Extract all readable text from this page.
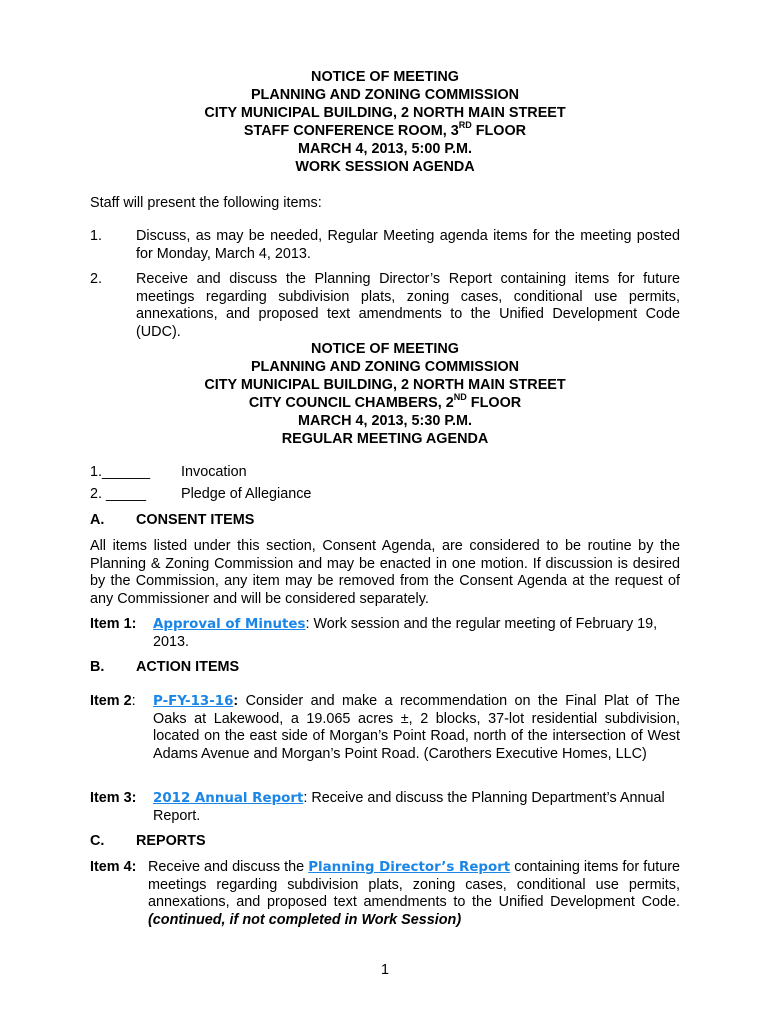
NOTICE OF MEETING
PLANNING AND ZONING COMMISSION
CITY MUNICIPAL BUILDING, 2 NORTH MAIN STREET
STAFF CONFERENCE ROOM, 3RD FLOOR
MARCH 4, 2013, 5:00 P.M.
WORK SESSION AGENDA
Staff will present the following items:
1. Discuss, as may be needed, Regular Meeting agenda items for the meeting posted for Monday, March 4, 2013.
2. Receive and discuss the Planning Director’s Report containing items for future meetings regarding subdivision plats, zoning cases, conditional use permits, annexations, and proposed text amendments to the Unified Development Code (UDC).
NOTICE OF MEETING
PLANNING AND ZONING COMMISSION
CITY MUNICIPAL BUILDING, 2 NORTH MAIN STREET
CITY COUNCIL CHAMBERS, 2ND FLOOR
MARCH 4, 2013, 5:30 P.M.
REGULAR MEETING AGENDA
1.______ Invocation
2. _____ Pledge of Allegiance
A. CONSENT ITEMS
All items listed under this section, Consent Agenda, are considered to be routine by the Planning & Zoning Commission and may be enacted in one motion. If discussion is desired by the Commission, any item may be removed from the Consent Agenda at the request of any Commissioner and will be considered separately.
Item 1: Approval of Minutes: Work session and the regular meeting of February 19, 2013.
B. ACTION ITEMS
Item 2: P-FY-13-16: Consider and make a recommendation on the Final Plat of The Oaks at Lakewood, a 19.065 acres ±, 2 blocks, 37-lot residential subdivision, located on the east side of Morgan’s Point Road, north of the intersection of West Adams Avenue and Morgan’s Point Road. (Carothers Executive Homes, LLC)
Item 3: 2012 Annual Report: Receive and discuss the Planning Department’s Annual Report.
C. REPORTS
Item 4: Receive and discuss the Planning Director’s Report containing items for future meetings regarding subdivision plats, zoning cases, conditional use permits, annexations, and proposed text amendments to the Unified Development Code. (continued, if not completed in Work Session)
1
